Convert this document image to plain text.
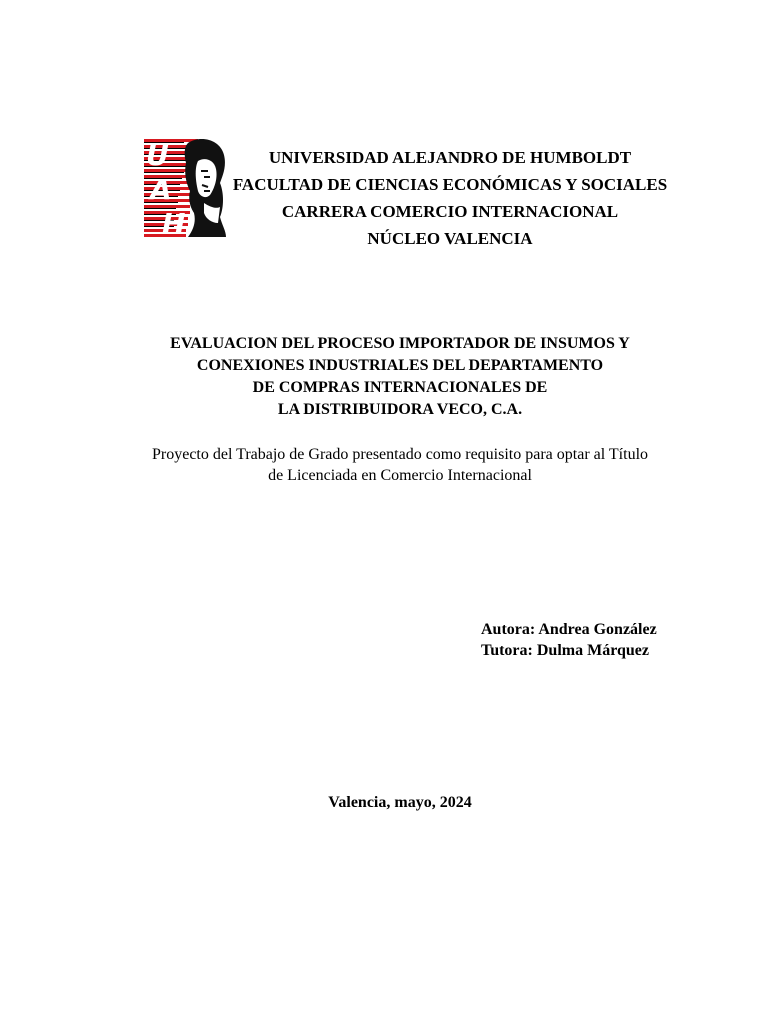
U
A
H
UNIVERSIDAD ALEJANDRO DE HUMBOLDT
FACULTAD DE CIENCIAS ECONÓMICAS Y SOCIALES
CARRERA COMERCIO INTERNACIONAL
NÚCLEO VALENCIA
EVALUACION DEL PROCESO IMPORTADOR DE INSUMOS Y
CONEXIONES INDUSTRIALES DEL DEPARTAMENTO
DE COMPRAS INTERNACIONALES DE
LA DISTRIBUIDORA VECO, C.A.
Proyecto del Trabajo de Grado presentado como requisito para optar al Título
de Licenciada en Comercio Internacional
Autora: Andrea González
Tutora: Dulma Márquez
Valencia, mayo, 2024
